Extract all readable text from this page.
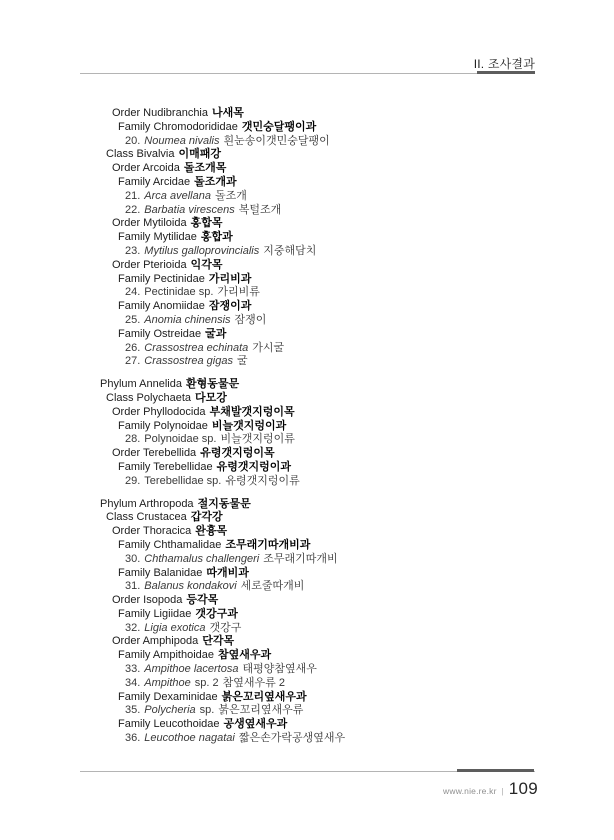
II. 조사결과
Order Nudibranchia 나새목
Family Chromodorididae 갯민숭달팽이과
20. Noumea nivalis 흰눈송이갯민숭달팽이
Class Bivalvia 이매패강
Order Arcoida 돌조개목
Family Arcidae 돌조개과
21. Arca avellana 돌조개
22. Barbatia virescens 복털조개
Order Mytiloida 홍합목
Family Mytilidae 홍합과
23. Mytilus galloprovincialis 지중해담치
Order Pterioida 익각목
Family Pectinidae 가리비과
24. Pectinidae sp. 가리비류
Family Anomiidae 잠쟁이과
25. Anomia chinensis 잠쟁이
Family Ostreidae 굴과
26. Crassostrea echinata 가시굴
27. Crassostrea gigas 굴
Phylum Annelida 환형동물문
Class Polychaeta 다모강
Order Phyllodocida 부채발갯지렁이목
Family Polynoidae 비늘갯지렁이과
28. Polynoidae sp. 비늘갯지렁이류
Order Terebellida 유령갯지렁이목
Family Terebellidae 유령갯지렁이과
29. Terebellidae sp. 유령갯지렁이류
Phylum Arthropoda 절지동물문
Class Crustacea 갑각강
Order Thoracica 완흉목
Family Chthamalidae 조무래기따개비과
30. Chthamalus challengeri 조무래기따개비
Family Balanidae 따개비과
31. Balanus kondakovi 세로줄따개비
Order Isopoda 등각목
Family Ligiidae 갯강구과
32. Ligia exotica 갯강구
Order Amphipoda 단각목
Family Ampithoidae 참옆새우과
33. Ampithoe lacertosa 태평양참옆새우
34. Ampithoe sp. 2 참옆새우류 2
Family Dexaminidae 붉은꼬리옆새우과
35. Polycheria sp. 붉은꼬리옆새우류
Family Leucothoidae 공생옆새우과
36. Leucothoe nagatai 짧은손가락공생옆새우
www.nie.re.kr | 109
